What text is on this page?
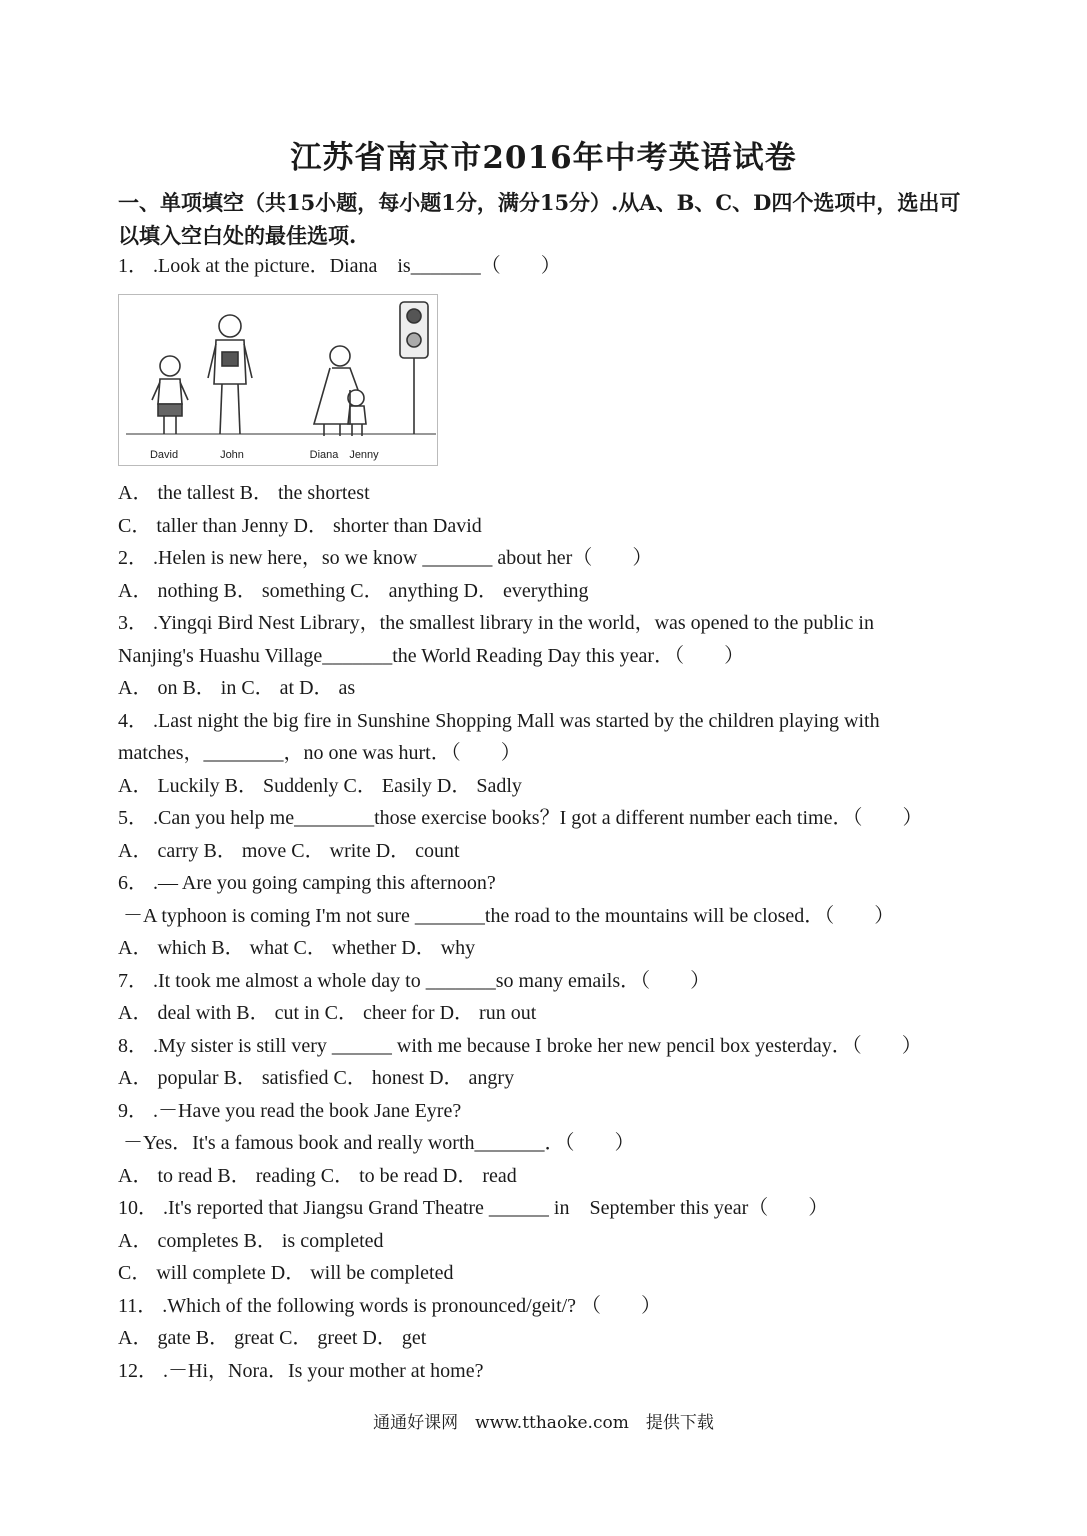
江苏省南京市2016年中考英语试卷
一、单项填空（共15小题，每小题1分，满分15分）.从A、B、C、D四个选项中，选出可以填入空白处的最佳选项.
1． .Look at the picture．Diana　is_______（　　）
David	John	Diana Jenny
A． the tallest B． the shortest
C． taller than Jenny D． shorter than David
2． .Helen is new here，so we know _______ about her（　　）
A． nothing B． something C． anything D． everything
3． .Yingqi Bird Nest Library，the smallest library in the world，was opened to the public in
Nanjing's Huashu Village_______the World Reading Day this year．（　　）
A． on B． in C． at D． as
4． .Last night the big fire in Sunshine Shopping Mall was started by the children playing with
matches，________，no one was hurt．（　　）
A． Luckily B． Suddenly C． Easily D． Sadly
5． .Can you help me________those exercise books？I got a different number each time．（　　）
A． carry B． move C． write D． count
6． .— Are you going camping this afternoon?
－A typhoon is coming I'm not sure _______the road to the mountains will be closed．（　　）
A． which B． what C． whether D． why
7． .It took me almost a whole day to _______so many emails．（　　）
A． deal with B． cut in C． cheer for D． run out
8． .My sister is still very ______ with me because I broke her new pencil box yesterday．（　　）
A． popular B． satisfied C． honest D． angry
9． .－Have you read the book Jane Eyre?
－Yes．It's a famous book and really worth_______．（　　）
A． to read B． reading C． to be read D． read
10． .It's reported that Jiangsu Grand Theatre ______ in　September this year（　　）
A． completes B． is completed
C． will complete D． will be completed
11． .Which of the following words is pronounced/geit/? （　　）
A． gate B． great C． greet D． get
12． .－Hi，Nora．Is your mother at home?
通通好课网　www.tthaoke.com　提供下载
